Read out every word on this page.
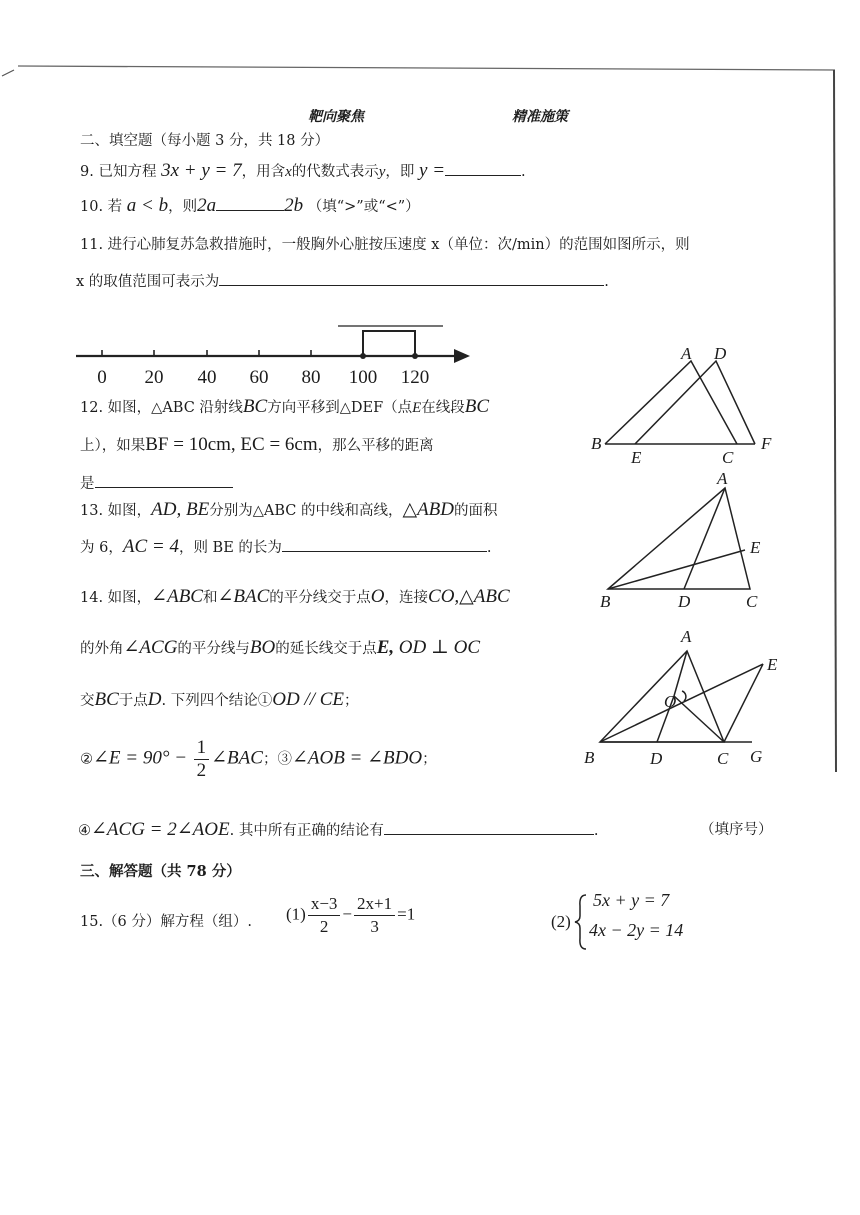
靶向聚焦	精准施策
二、填空题（每小题 3 分，共 18 分）
9. 已知方程 3x + y = 7，用含x的代数式表示y，即 y =	.
10. 若 a < b，则2a	2b （填“>”或“<”）
11. 进行心肺复苏急救措施时，一般胸外心脏按压速度 x（单位：次/min）的范围如图所示，则
x 的取值范围可表示为	.
0 20 40 60 80 100 120
12. 如图，△ABC 沿射线BC方向平移到△DEF（点E在线段BC
上），如果BF = 10cm, EC = 6cm，那么平移的距离
是
A D
B
E	C
F
13. 如图，AD, BE分别为△ABC 的中线和高线，△ABD的面积
为 6，AC = 4，则 BE 的长为	.
A
E
B	D	C
14. 如图，∠ABC和∠BAC的平分线交于点O，连接CO,△ABC
的外角∠ACG的平分线与BO的延长线交于点E, OD ⊥ OC
交BC于点D. 下列四个结论①OD // CE；
②∠E = $90^\circ - \frac{1}{2}$ ∠BAC；③∠AOB = ∠BDO；
④∠ACG = 2∠AOE. 其中所有正确的结论有	.	（填序号）
A
E
O
B	D	C G
三、解答题（共 78 分）
15.（6 分）解方程（组）. $(1) \frac{x-3}{2} - \frac{2x+1}{3} =1$	(2)
5x + y = 7
4x − 2y = 14
